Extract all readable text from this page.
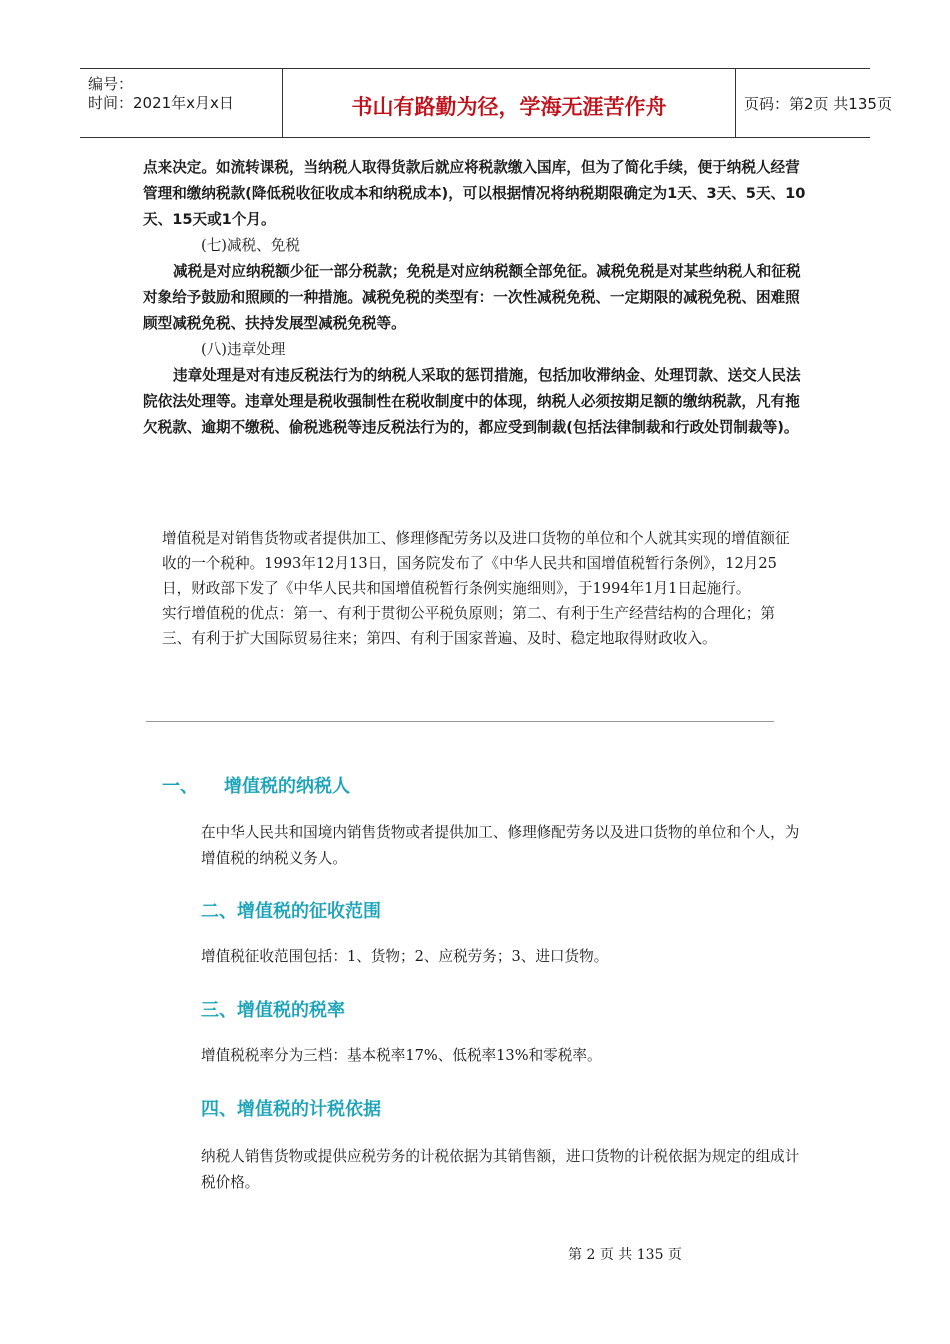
编号：
时间：2021年x月x日	书山有路勤为径，学海无涯苦作舟	页码：第2页 共135页

点来决定。如流转课税，当纳税人取得货款后就应将税款缴入国库，但为了简化手续，便于纳税人经营管理和缴纳税款(降低税收征收成本和纳税成本)，可以根据情况将纳税期限确定为1天、3天、5天、10天、15天或1个月。

(七)减税、免税

减税是对应纳税额少征一部分税款；免税是对应纳税额全部免征。减税免税是对某些纳税人和征税对象给予鼓励和照顾的一种措施。减税免税的类型有：一次性减税免税、一定期限的减税免税、困难照顾型减税免税、扶持发展型减税免税等。

(八)违章处理

违章处理是对有违反税法行为的纳税人采取的惩罚措施，包括加收滞纳金、处理罚款、送交人民法院依法处理等。违章处理是税收强制性在税收制度中的体现，纳税人必须按期足额的缴纳税款，凡有拖欠税款、逾期不缴税、偷税逃税等违反税法行为的，都应受到制裁(包括法律制裁和行政处罚制裁等)。

增值税是对销售货物或者提供加工、修理修配劳务以及进口货物的单位和个人就其实现的增值额征收的一个税种。1993年12月13日，国务院发布了《中华人民共和国增值税暂行条例》，12月25日，财政部下发了《中华人民共和国增值税暂行条例实施细则》，于1994年1月1日起施行。

实行增值税的优点：第一、有利于贯彻公平税负原则；第二、有利于生产经营结构的合理化；第三、有利于扩大国际贸易往来；第四、有利于国家普遍、及时、稳定地取得财政收入。

一、 增值税的纳税人

在中华人民共和国境内销售货物或者提供加工、修理修配劳务以及进口货物的单位和个人，为增值税的纳税义务人。

二、增值税的征收范围

增值税征收范围包括：1、货物；2、应税劳务；3、进口货物。

三、增值税的税率

增值税税率分为三档：基本税率17%、低税率13%和零税率。

四、增值税的计税依据

纳税人销售货物或提供应税劳务的计税依据为其销售额，进口货物的计税依据为规定的组成计税价格。

第 2 页 共 135 页
